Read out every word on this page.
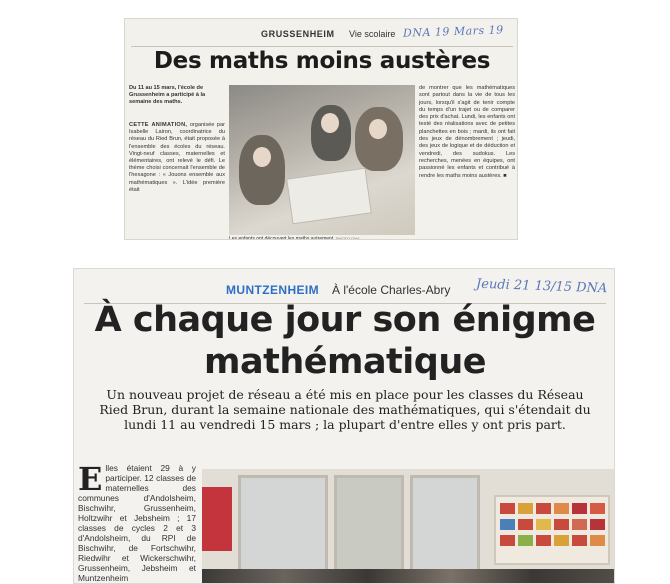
GRUSSENHEIM Vie scolaire DNA 19 Mars 19
Des maths moins austères
Du 11 au 15 mars, l'école de Grussenheim a participé à la semaine des maths.
CETTE ANIMATION, organisée par Isabelle Lairon, coordinatrice du réseau du Ried Brun, était proposée à l'ensemble des écoles du réseau. Vingt-neuf classes, maternelles et élémentaires, ont relevé le défi. Le thème choisi concernait l'ensemble de l'hexagone : « Jouons ensemble aux mathématiques ». L'idée première était
Les enfants ont découvert les maths autrement. PHOTO DNA
de montrer que les mathématiques sont partout dans la vie de tous les jours, lorsqu'il s'agit de tenir compte du temps d'un trajet ou de comparer des prix d'achat. Lundi, les enfants ont testé des réalisations avec de petites planchettes en bois ; mardi, ils ont fait des jeux de dénombrement ; jeudi, des jeux de logique et de déduction et vendredi, des sudokus. Les recherches, menées en équipes, ont passionné les enfants et contribué à rendre les maths moins austères. ■
MUNTZENHEIM À l'école Charles-Abry Jeudi 21 13/15 DNA
À chaque jour son énigme
mathématique
Un nouveau projet de réseau a été mis en place pour les classes du Réseau Ried Brun, durant la semaine nationale des mathématiques, qui s'étendait du lundi 11 au vendredi 15 mars ; la plupart d'entre elles y ont pris part.
E lles étaient 29 à y participer. 12 classes de maternelles des communes d'Andolsheim, Bischwihr, Grussenheim, Holtzwihr et Jebsheim ; 17 classes de cycles 2 et 3 d'Andolsheim, du RPI de Bischwihr, de Fortschwihr, Riedwihr et Wickerschwihr, Grussenheim, Jebsheim et Muntzenheim
